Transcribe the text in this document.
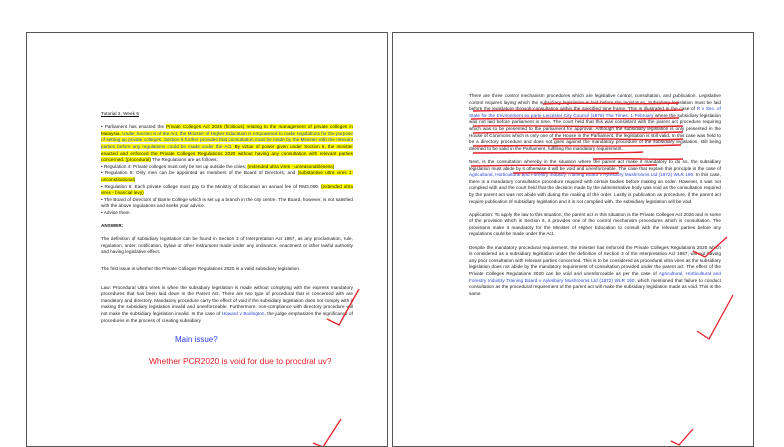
Tutorial 2, Week 6

• Parliament has enacted the Private Colleges Act 2026 (fictitious) relating to the management of private colleges in Malaysia. Under Section 6 of the Act, the Minister of Higher Education is empowered to make regulations for the purpose of setting up private colleges. Section 6 further provides that consultation must be made by the Minister with the relevant parties before any regulations could be made under the Act. By virtue of power given under Section 6, the minister enacted and enforced the Private Colleges Regulations 2020 without having any consultation with relevant parties concerned. (procedural) The Regulations are as follows:

• Regulation 4: Private colleges must only be set up outside the cities; (extended ultra vires - unreasonableness)

• Regulation 5: Only men can be appointed as members of the Board of Directors; and (substantive ultra vires 1: unconstitutional)

• Regulation 6: Each private college must pay to the Ministry of Education an annual fee of RM3,000. (extended ultra vires - financial levy)

• The Board of Directors of Barrie College which is set up a branch in the city centre. The Board, however, is not satisfied with the above regulations and seeks your advice.

• Advise them.

ANSWER:

The definition of subsidiary legislation can be found in Section 3 of Interpretation Act 1967, as any proclamation, rule, regulation, order, notification, bylaw or other instrument made under any ordinance, enactment or other lawful authority and having legislative effect.

The first issue is whether the Private Colleges Regulations 2020 is a valid subsidiary legislation.

Law: Procedural Ultra Vires is when the subsidiary legislation is made without complying with the express mandatory procedures that has been laid down in the Parent Act. There are two type of procedural that is concerned with are mandatory and directory. Mandatory procedure carry the effect of void if the subsidiary legislation does not comply with it making the subsidiary legislation invalid and unenforceable. Furthermore, non-compliance with directory procedure will not make the subsidiary legislation invalid. In the case of Howard v Bodington, the judge emphasizes the significance of procedures in the process of creating subsidiary

Main issue?
Whether PCR2020 is void for due to procdral uv?

There are three control mechanism procedures which are legislative control, consultation, and publication. Legislative control requires laying which the subsidiary legislation is laid before the legislature. Subsidiary legislation must be laid before the legislature through consultation within the specified time frame. This is illustrated in the case of R v Sec. of State for the Environment ex parte Leicester City Council (1978) The Times, 1 February where the subsidiary legislation was not laid before parliament in time. The court held that this was consistent with the parent act procedure requiring which was to be presented to the parliament for approval. Although the subsidiary legislation is only presented in the House of Commons which is only one of the House in the Parliament, the legislation is still valid. In this case was held to be a directory procedure and does not goes against the mandatory procedure of the subsidiary legislation, still being deemed to be valid in the Parliament, fulfilling the mandatory requirement.

Next, is the consultation whereby in the situation where the parent act make it mandatory to do so, the subsidiary legislation must abide by it otherwise it will be void and unenforceable. The case that explain this principle is the case of Agricultural, Horticultural and Forestry Industry Training Board v Aylesbury Mushrooms Ltd (1972) WLR 190. In this case, there is a mandatory consultation procedure required with certain bodies before making an order. However, it was not complied with and the court held that the decision made by the administrative body was void as the consultation required by the parent act was not abide with during the making of the order. Lastly is publication as procedure, if the parent act require publication of subsidiary legislation and it is not complied with, the subsidiary legislation will be void.

Application: To apply the law to this situation, the parent act in this situation is the Private Colleges Act 2026 and in some of the provision which is Section 6, it provides one of the control mechanism procedures which is consultation. The provisions make it mandatory for the Minister of Higher Education to consult with the relevant parties before any regulations could be made under the Act.

Despite the mandatory procedural requirement, the minister has enforced the Private Colleges Regulations 2020 which is considered as a subsidiary legislation under the definition of Section 3 of the Interpretation Act 1967, without having any prior consultation with relevant parties concerned. This is to be considered as procedural ultra vires as the subsidiary legislation does not abide by the mandatory requirement of consultation provided under the parent act. The effect of the Private Colleges Regulations 2020 can be void and unenforceable as per the case of Agricultural, Horticultural and Forestry Industry Training Board v Aylesbury Mushrooms Ltd (1972) WLR 190, which mentioned that failure to conduct consultation as the procedural requirement of the parent act will make the subsidiary legislation made as void. This is the same
